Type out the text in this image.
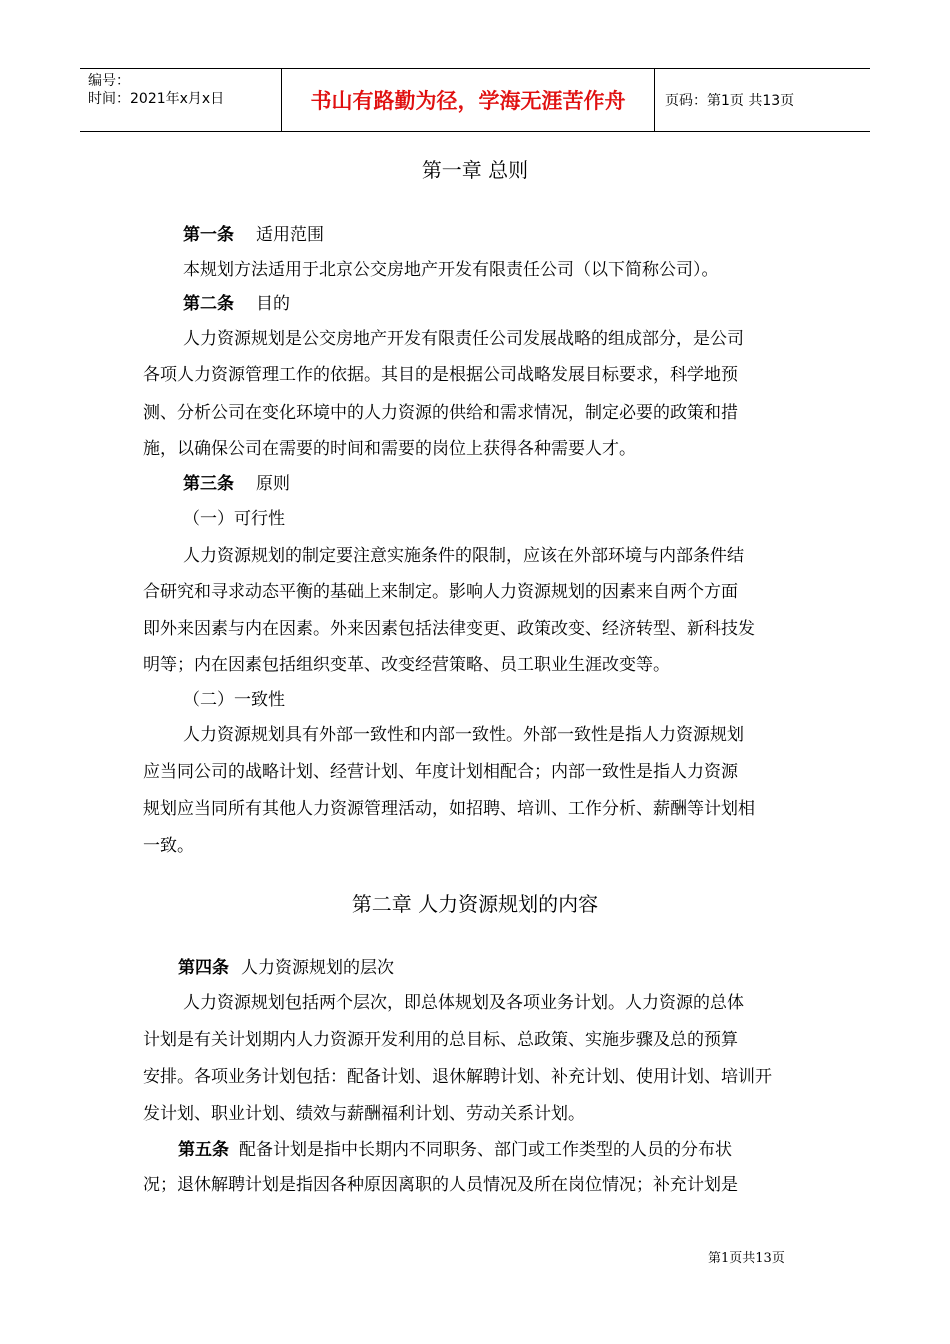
编号：
时间：2021年x月x日	书山有路勤为径，学海无涯苦作舟	页码：第1页 共13页
第一章 总则
第一条 适用范围
本规划方法适用于北京公交房地产开发有限责任公司（以下简称公司）。
第二条 目的
人力资源规划是公交房地产开发有限责任公司发展战略的组成部分，是公司
各项人力资源管理工作的依据。其目的是根据公司战略发展目标要求，科学地预
测、分析公司在变化环境中的人力资源的供给和需求情况，制定必要的政策和措
施，以确保公司在需要的时间和需要的岗位上获得各种需要人才。
第三条 原则
（一）可行性
人力资源规划的制定要注意实施条件的限制，应该在外部环境与内部条件结
合研究和寻求动态平衡的基础上来制定。影响人力资源规划的因素来自两个方面
即外来因素与内在因素。外来因素包括法律变更、政策改变、经济转型、新科技发
明等；内在因素包括组织变革、改变经营策略、员工职业生涯改变等。
（二）一致性
人力资源规划具有外部一致性和内部一致性。外部一致性是指人力资源规划
应当同公司的战略计划、经营计划、年度计划相配合；内部一致性是指人力资源
规划应当同所有其他人力资源管理活动，如招聘、培训、工作分析、薪酬等计划相
一致。
第二章 人力资源规划的内容
第四条 人力资源规划的层次
人力资源规划包括两个层次，即总体规划及各项业务计划。人力资源的总体
计划是有关计划期内人力资源开发利用的总目标、总政策、实施步骤及总的预算
安排。各项业务计划包括：配备计划、退休解聘计划、补充计划、使用计划、培训开
发计划、职业计划、绩效与薪酬福利计划、劳动关系计划。
第五条 配备计划是指中长期内不同职务、部门或工作类型的人员的分布状
况；退休解聘计划是指因各种原因离职的人员情况及所在岗位情况；补充计划是
第1页共13页
